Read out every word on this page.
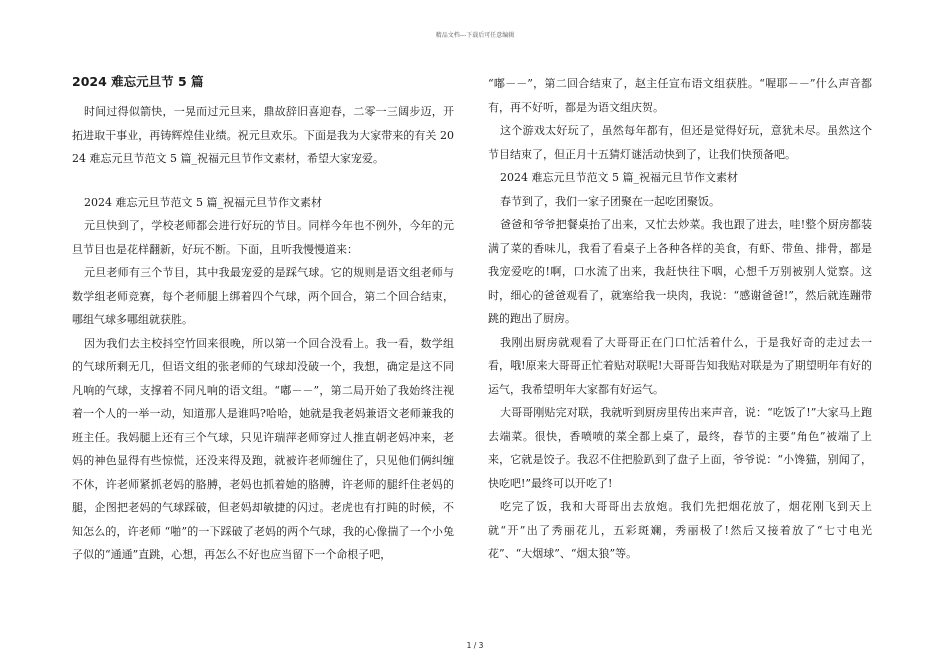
精品文档---下载后可任意编辑
2024 难忘元旦节 5 篇

时间过得似箭快，一晃而过元旦来，鼎故辞旧喜迎春，二零一三阔步迈，开拓进取干事业，再铸辉煌佳业绩。祝元旦欢乐。下面是我为大家带来的有关 2024 难忘元旦节范文 5 篇_祝福元旦节作文素材，希望大家宠爱。

2024 难忘元旦节范文 5 篇_祝福元旦节作文素材

元旦快到了，学校老师都会进行好玩的节目。同样今年也不例外，今年的元旦节目也是花样翻新，好玩不断。下面，且听我慢慢道来：

元旦老师有三个节目，其中我最宠爱的是踩气球。它的规则是语文组老师与数学组老师竞赛，每个老师腿上绑着四个气球，两个回合，第二个回合结束，哪组气球多哪组就获胜。

因为我们去主校抖空竹回来很晚，所以第一个回合没看上。我一看，数学组的气球所剩无几，但语文组的张老师的气球却没破一个，我想，确定是这不同凡响的气球，支撑着不同凡响的语文组。“嘟－－”，第二局开始了我始终注视着一个人的一举一动，知道那人是谁吗?哈哈，她就是我老妈兼语文老师兼我的班主任。我妈腿上还有三个气球，只见许瑞萍老师穿过人推直朝老妈冲来，老妈的神色显得有些惊慌，还没来得及跑，就被许老师缠住了，只见他们俩纠缠不休，许老师紧抓老妈的胳膊，老妈也抓着她的胳膊，许老师的腿纤住老妈的腿，企图把老妈的气球踩破，但老妈却敏捷的闪过。老虎也有打盹的时候，不知怎么的，许老师 “啪”的一下踩破了老妈的两个气球，我的心像揣了一个小兔子似的“通通”直跳，心想，再怎么不好也应当留下一个命根子吧，

“嘟－－”，第二回合结束了，赵主任宣布语文组获胜。“喔耶－－”什么声音都有，再不好听，都是为语文组庆贺。

这个游戏太好玩了，虽然每年都有，但还是觉得好玩，意犹未尽。虽然这个节目结束了，但正月十五猜灯谜活动快到了，让我们快预备吧。

2024 难忘元旦节范文 5 篇_祝福元旦节作文素材

春节到了，我们一家子团聚在一起吃团聚饭。

爸爸和爷爷把餐桌抬了出来，又忙去炒菜。我也跟了进去，哇!整个厨房都装满了菜的香味儿，我看了看桌子上各种各样的美食，有虾、带鱼、排骨，都是我宠爱吃的!啊，口水流了出来，我赶快往下咽，心想千万别被别人觉察。这时，细心的爸爸观看了，就塞给我一块肉，我说：“感谢爸爸!”，然后就连蹦带跳的跑出了厨房。

我刚出厨房就观看了大哥哥正在门口忙活着什么，于是我好奇的走过去一看，哦!原来大哥哥正忙着贴对联呢!大哥哥告知我贴对联是为了期望明年有好的运气，我希望明年大家都有好运气。

大哥哥刚贴完对联，我就听到厨房里传出来声音，说：“吃饭了!”大家马上跑去端菜。很快，香喷喷的菜全都上桌了，最终，春节的主要“角色”被端了上来，它就是饺子。我忍不住把脸趴到了盘子上面，爷爷说：“小馋猫，别闻了，快吃吧!”最终可以开吃了!

吃完了饭，我和大哥哥出去放炮。我们先把烟花放了，烟花刚飞到天上就“开”出了秀丽花儿，五彩斑斓，秀丽极了!然后又接着放了“七寸电光花”、“大烟球”、“烟太狼”等。

1 / 3
